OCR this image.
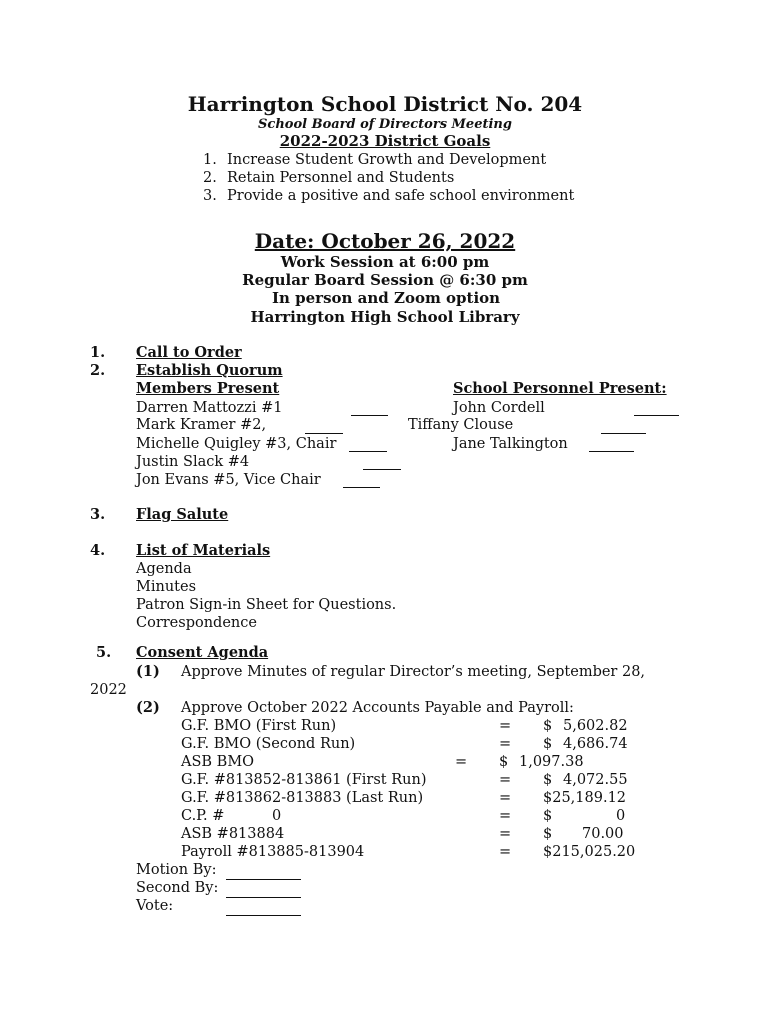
Harrington School District No. 204
School Board of Directors Meeting
2022-2023 District Goals
1. Increase Student Growth and Development
2. Retain Personnel and Students
3. Provide a positive and safe school environment
Date: October 26, 2022
Work Session at 6:00 pm
Regular Board Session @ 6:30 pm
In person and Zoom option
Harrington High School Library
1. Call to Order
2. Establish Quorum
Members Present	School Personnel Present:
Darren Mattozzi #1	John Cordell
Mark Kramer #2,	Tiffany Clouse
Michelle Quigley #3, Chair	Jane Talkington
Justin Slack #4
Jon Evans #5, Vice Chair
3. Flag Salute
4. List of Materials
Agenda
Minutes
Patron Sign-in Sheet for Questions.
Correspondence
5. Consent Agenda
(1) Approve Minutes of regular Director’s meeting, September 28,
2022
(2) Approve October 2022 Accounts Payable and Payroll:
G.F. BMO (First Run)	= $ 5,602.82
G.F. BMO (Second Run)	= $ 4,686.74
ASB BMO	= $ 1,097.38
G.F. #813852-813861 (First Run)	= $ 4,072.55
G.F. #813862-813883 (Last Run)	= $25,189.12
C.P. #	0	= $	0
ASB #813884	= $ 70.00
Payroll #813885-813904	= $215,025.20
Motion By:
Second By:
Vote:
